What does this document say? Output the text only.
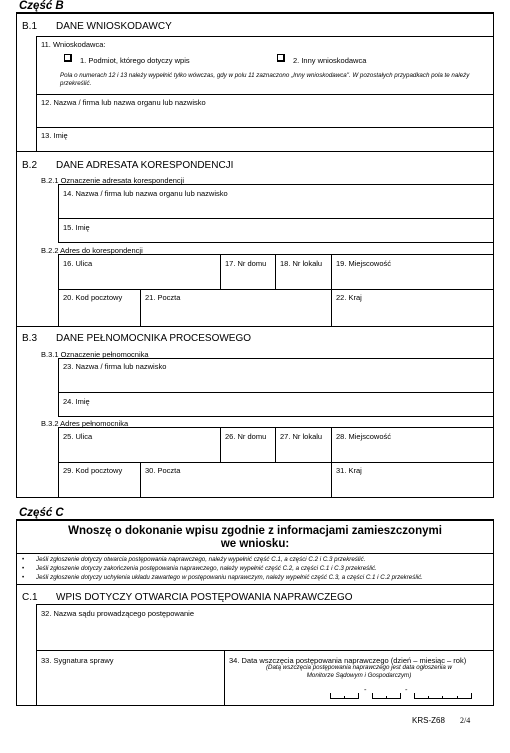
Część B
B.1 DANE WNIOSKODAWCY
11. Wnioskodawca:
1. Podmiot, którego dotyczy wpis	2. Inny wnioskodawca
Pola o numerach 12 i 13 należy wypełnić tylko wówczas, gdy w polu 11 zaznaczono „Inny wnioskodawca". W pozostałych przypadkach pola te należy przekreślić.
12. Nazwa / firma lub nazwa organu lub nazwisko
13. Imię
B.2 DANE ADRESATA KORESPONDENCJI
B.2.1 Oznaczenie adresata korespondencji
14. Nazwa / firma lub nazwa organu lub nazwisko
15. Imię
B.2.2 Adres do korespondencji
16. Ulica	17. Nr domu 18. Nr lokalu 19. Miejscowość
20. Kod pocztowy	21. Poczta	22. Kraj
B.3 DANE PEŁNOMOCNIKA PROCESOWEGO
B.3.1 Oznaczenie pełnomocnika
23. Nazwa / firma lub nazwisko
24. Imię
B.3.2 Adres pełnomocnika
25. Ulica	26. Nr domu 27. Nr lokalu 28. Miejscowość
29. Kod pocztowy	30. Poczta	31. Kraj
Część C
Wnoszę o dokonanie wpisu zgodnie z informacjami zamieszczonymi
we wniosku:
• Jeśli zgłoszenie dotyczy otwarcia postępowania naprawczego, należy wypełnić część C.1, a części C.2 i C.3 przekreślić.
• Jeśli zgłoszenie dotyczy zakończenia postępowania naprawczego, należy wypełnić część C.2, a części C.1 i C.3 przekreślić.
• Jeśli zgłoszenie dotyczy uchylenia układu zawartego w postępowaniu naprawczym, należy wypełnić część C.3, a części C.1 i C.2 przekreślić.
C.1 WPIS DOTYCZY OTWARCIA POSTĘPOWANIA NAPRAWCZEGO
32. Nazwa sądu prowadzącego postępowanie
33. Sygnatura sprawy	34. Data wszczęcia postępowania naprawczego (dzień – miesiąc – rok)
(Datą wszczęcia postępowania naprawczego jest data ogłoszenia w
Monitorze Sądowym i Gospodarczym)
-	-
KRS-Z68 2/4
